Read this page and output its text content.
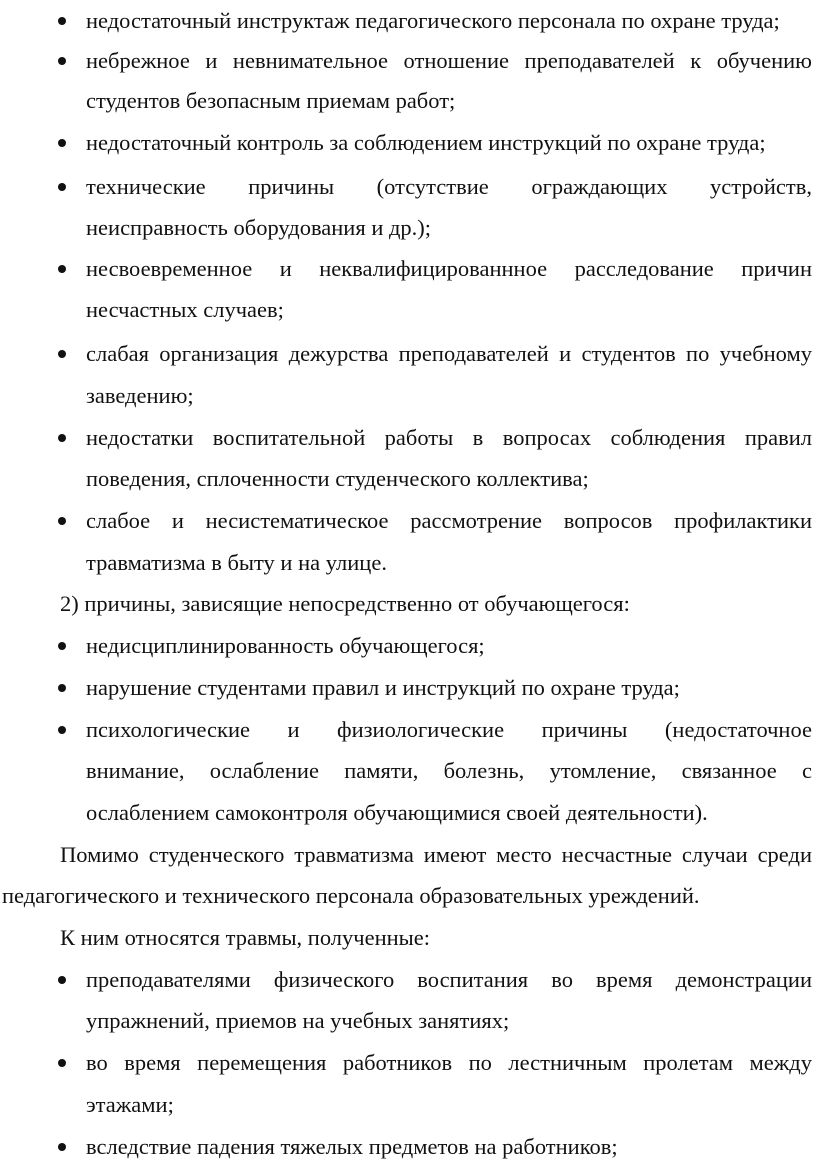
недостаточный инструктаж педагогического персонала по охране труда;
небрежное и невнимательное отношение преподавателей к обучению
студентов безопасным приемам работ;
недостаточный контроль за соблюдением инструкций по охране труда;
технические причины (отсутствие ограждающих устройств,
неисправность оборудования и др.);
несвоевременное и неквалифицированнное расследование причин
несчастных случаев;
слабая организация дежурства преподавателей и студентов по учебному
заведению;
недостатки воспитательной работы в вопросах соблюдения правил
поведения, сплоченности студенческого коллектива;
слабое и несистематическое рассмотрение вопросов профилактики
травматизма в быту и на улице.
2) причины, зависящие непосредственно от обучающегося:
недисциплинированность обучающегося;
нарушение студентами правил и инструкций по охране труда;
психологические и физиологические причины (недостаточное
внимание, ослабление памяти, болезнь, утомление, связанное с
ослаблением самоконтроля обучающимися своей деятельности).
Помимо студенческого травматизма имеют место несчастные случаи среди
педагогического и технического персонала образовательных уреждений.
К ним относятся травмы, полученные:
преподавателями физического воспитания во время демонстрации
упражнений, приемов на учебных занятиях;
во время перемещения работников по лестничным пролетам между
этажами;
вследствие падения тяжелых предметов на работников;
